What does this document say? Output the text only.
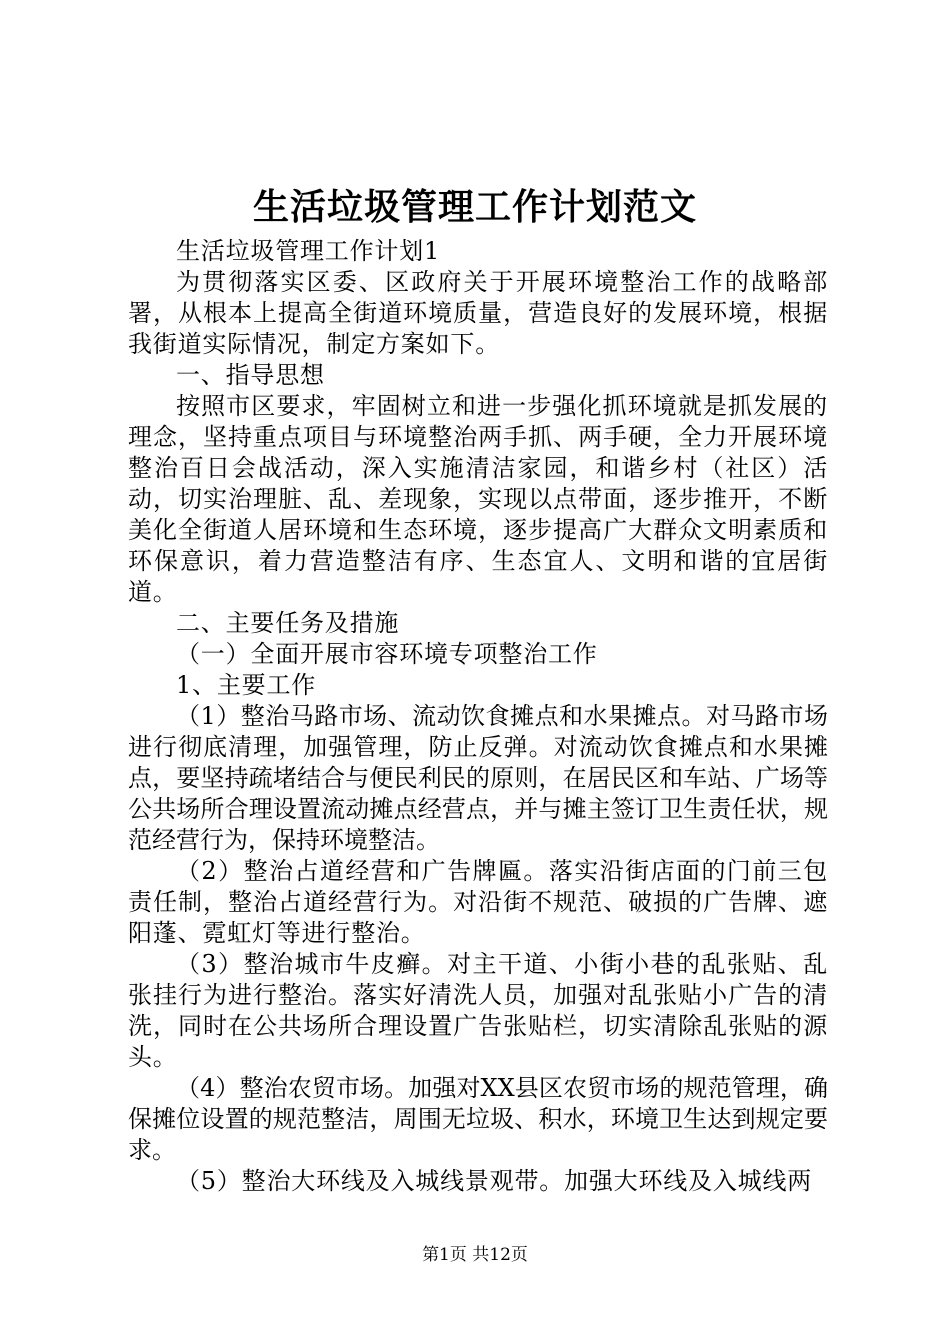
生活垃圾管理工作计划范文

生活垃圾管理工作计划1

为贯彻落实区委、区政府关于开展环境整治工作的战略部署，从根本上提高全街道环境质量，营造良好的发展环境，根据我街道实际情况，制定方案如下。

一、指导思想

按照市区要求，牢固树立和进一步强化抓环境就是抓发展的理念，坚持重点项目与环境整治两手抓、两手硬，全力开展环境整治百日会战活动，深入实施清洁家园，和谐乡村（社区）活动，切实治理脏、乱、差现象，实现以点带面，逐步推开，不断美化全街道人居环境和生态环境，逐步提高广大群众文明素质和环保意识，着力营造整洁有序、生态宜人、文明和谐的宜居街道。

二、主要任务及措施

（一）全面开展市容环境专项整治工作

1、主要工作

（1）整治马路市场、流动饮食摊点和水果摊点。对马路市场进行彻底清理，加强管理，防止反弹。对流动饮食摊点和水果摊点，要坚持疏堵结合与便民利民的原则，在居民区和车站、广场等公共场所合理设置流动摊点经营点，并与摊主签订卫生责任状，规范经营行为，保持环境整洁。

（2）整治占道经营和广告牌匾。落实沿街店面的门前三包责任制，整治占道经营行为。对沿街不规范、破损的广告牌、遮阳蓬、霓虹灯等进行整治。

（3）整治城市牛皮癣。对主干道、小街小巷的乱张贴、乱张挂行为进行整治。落实好清洗人员，加强对乱张贴小广告的清洗，同时在公共场所合理设置广告张贴栏，切实清除乱张贴的源头。

（4）整治农贸市场。加强对XX县区农贸市场的规范管理，确保摊位设置的规范整洁，周围无垃圾、积水，环境卫生达到规定要求。

（5）整治大环线及入城线景观带。加强大环线及入城线两

第1页 共12页
